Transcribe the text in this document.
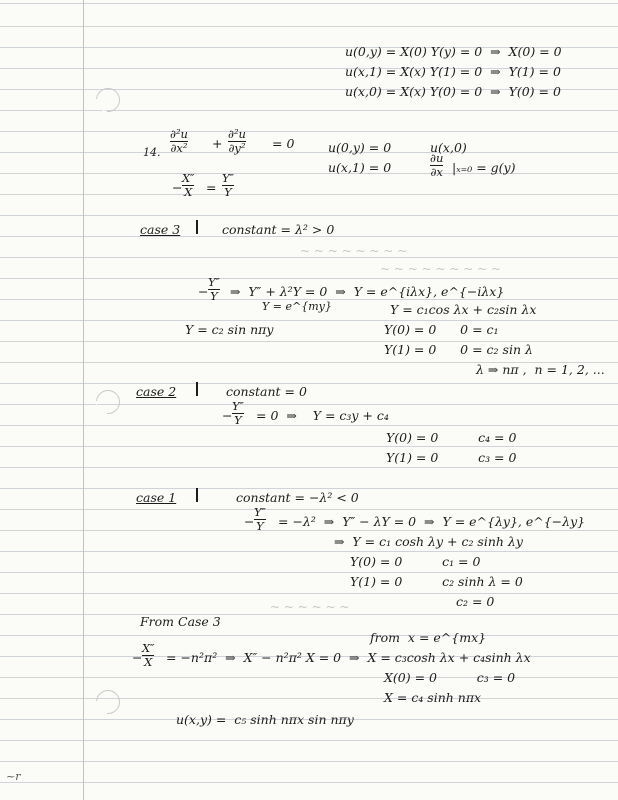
~ ~ ~ ~ ~ ~ ~ ~
~ ~ ~ ~ ~ ~ ~ ~ ~
~ ~ ~ ~ ~ ~
u(0,y) = X(0) Y(y) = 0  ⇒  X(0) = 0
u(x,1) = X(x) Y(1) = 0  ⇒  Y(1) = 0
u(x,0) = X(x) Y(0) = 0  ⇒  Y(0) = 0
14. $\frac{\text{∂²u}}{\text{∂x²}} + \frac{\text{∂²u}}{\text{∂y²}} = 0$	u(0,y) = 0	u(x,0)
u(x,1) = 0	$\frac{\partial u}{\partial x} |_{x=0} = g(y)$
− $\frac{X''}{X} = \frac{Y''}{Y}$
case 3	constant = λ² > 0
− $\frac{Y''}{Y}$ ⇒  Y″ + λ²Y = 0  ⇒  Y = e^{iλx}, e^{−iλx}
Y = e^{my}	Y = c₁cos λx + c₂sin λx
Y = c₂ sin nπy	Y(0) = 0      0 = c₁
Y(1) = 0      0 = c₂ sin λ
λ ⇒ nπ ,  n = 1, 2, ...
case 2	constant = 0
− $\frac{Y''}{Y} = 0$  ⇒    Y = c₃y + c₄
Y(0) = 0          c₄ = 0
Y(1) = 0          c₃ = 0
case 1	constant = −λ² < 0
− $\frac{Y''}{Y} = -\lambda^2$  ⇒  Y″ − λY = 0  ⇒  Y = e^{λy}, e^{−λy}
⇒  Y = c₁ cosh λy + c₂ sinh λy
Y(0) = 0          c₁ = 0
Y(1) = 0          c₂ sinh λ = 0
c₂ = 0
From Case 3
from  x = e^{mx}
− $\frac{X''}{X} = -n^2\pi^2$  ⇒  X″ − n²π² X = 0  ⇒  X = c₃cosh λx + c₄sinh λx
X(0) = 0          c₃ = 0
X = c₄ sinh nπx
u(x,y) =  c₅ sinh nπx sin nπy
~r
